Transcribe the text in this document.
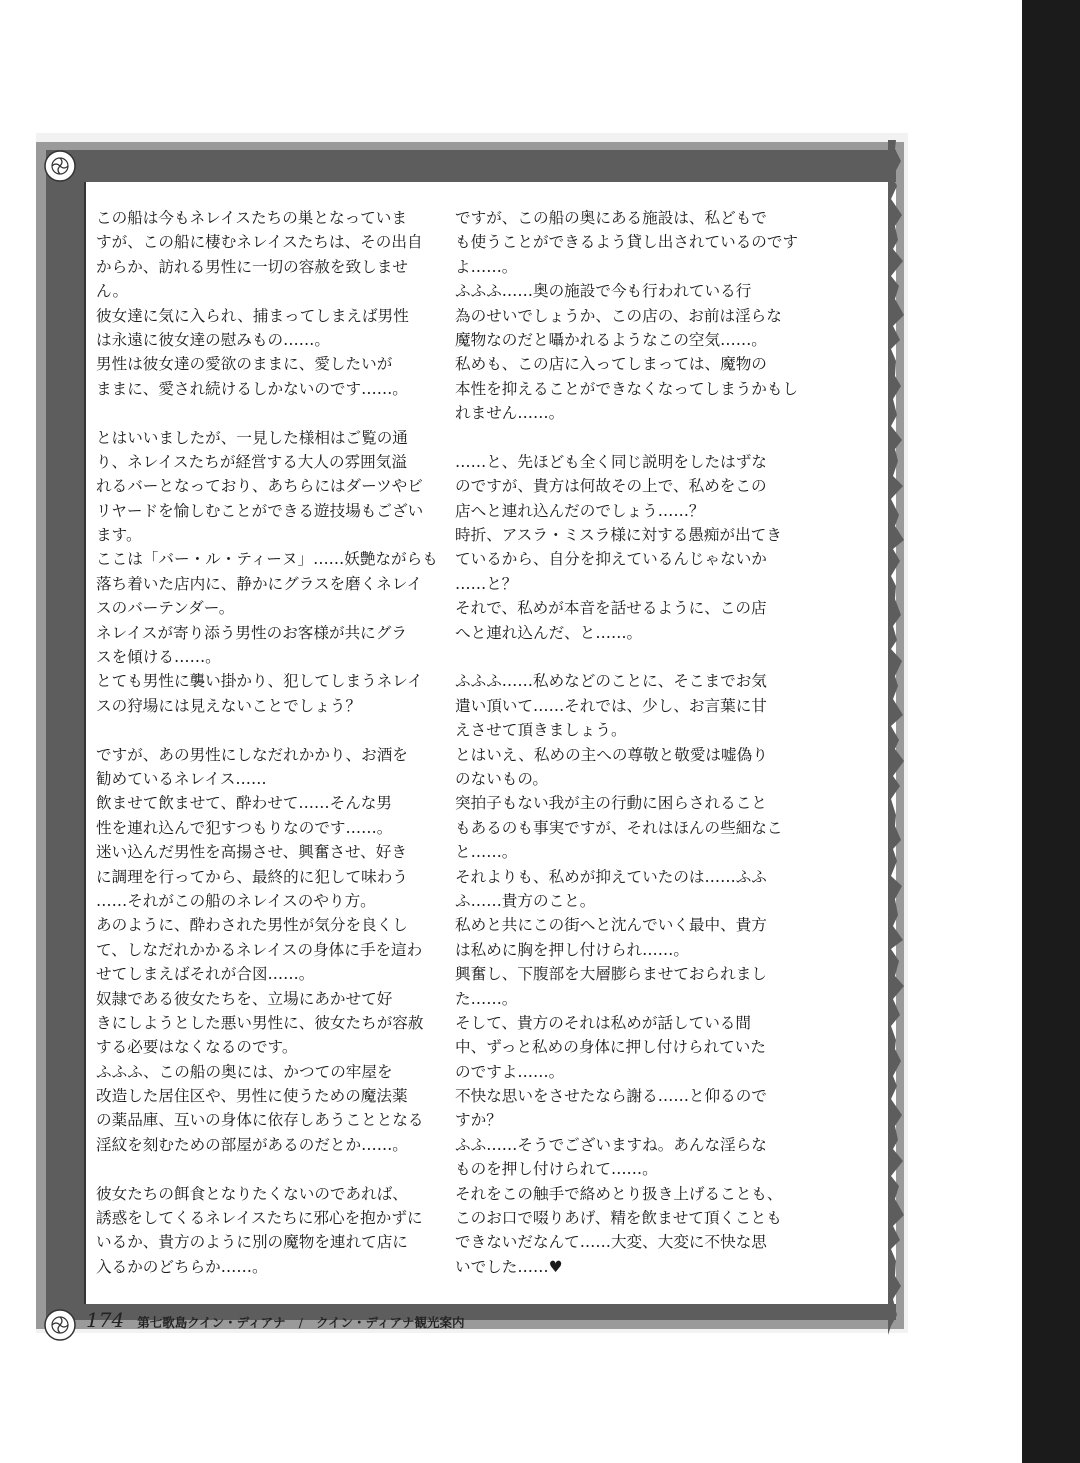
この船は今もネレイスたちの巣となっていま
すが、この船に棲むネレイスたちは、その出自
からか、訪れる男性に一切の容赦を致しませ
ん。
彼女達に気に入られ、捕まってしまえば男性
は永遠に彼女達の慰みもの……。
男性は彼女達の愛欲のままに、愛したいが
ままに、愛され続けるしかないのです……。
とはいいましたが、一見した様相はご覧の通
り、ネレイスたちが経営する大人の雰囲気溢
れるバーとなっており、あちらにはダーツやビ
リヤードを愉しむことができる遊技場もござい
ます。
ここは「バー・ル・ティーヌ」……妖艶ながらも
落ち着いた店内に、静かにグラスを磨くネレイ
スのバーテンダー。
ネレイスが寄り添う男性のお客様が共にグラ
スを傾ける……。
とても男性に襲い掛かり、犯してしまうネレイ
スの狩場には見えないことでしょう？
ですが、あの男性にしなだれかかり、お酒を
勧めているネレイス……
飲ませて飲ませて、酔わせて……そんな男
性を連れ込んで犯すつもりなのです……。
迷い込んだ男性を高揚させ、興奮させ、好き
に調理を行ってから、最終的に犯して味わう
……それがこの船のネレイスのやり方。
あのように、酔わされた男性が気分を良くし
て、しなだれかかるネレイスの身体に手を這わ
せてしまえばそれが合図……。
奴隷である彼女たちを、立場にあかせて好
きにしようとした悪い男性に、彼女たちが容赦
する必要はなくなるのです。
ふふふ、この船の奥には、かつての牢屋を
改造した居住区や、男性に使うための魔法薬
の薬品庫、互いの身体に依存しあうこととなる
淫紋を刻むための部屋があるのだとか……。
彼女たちの餌食となりたくないのであれば、
誘惑をしてくるネレイスたちに邪心を抱かずに
いるか、貴方のように別の魔物を連れて店に
入るかのどちらか……。
ですが、この船の奥にある施設は、私どもで
も使うことができるよう貸し出されているのです
よ……。
ふふふ……奥の施設で今も行われている行
為のせいでしょうか、この店の、お前は淫らな
魔物なのだと囁かれるようなこの空気……。
私めも、この店に入ってしまっては、魔物の
本性を抑えることができなくなってしまうかもし
れません……。
……と、先ほども全く同じ説明をしたはずな
のですが、貴方は何故その上で、私めをこの
店へと連れ込んだのでしょう……？
時折、アスラ・ミスラ様に対する愚痴が出てき
ているから、自分を抑えているんじゃないか
……と？
それで、私めが本音を話せるように、この店
へと連れ込んだ、と……。
ふふふ……私めなどのことに、そこまでお気
遣い頂いて……それでは、少し、お言葉に甘
えさせて頂きましょう。
とはいえ、私めの主への尊敬と敬愛は嘘偽り
のないもの。
突拍子もない我が主の行動に困らされること
もあるのも事実ですが、それはほんの些細なこ
と……。
それよりも、私めが抑えていたのは……ふふ
ふ……貴方のこと。
私めと共にこの街へと沈んでいく最中、貴方
は私めに胸を押し付けられ……。
興奮し、下腹部を大層膨らませておられまし
た……。
そして、貴方のそれは私めが話している間
中、ずっと私めの身体に押し付けられていた
のですよ……。
不快な思いをさせたなら謝る……と仰るので
すか？
ふふ……そうでございますね。あんな淫らな
ものを押し付けられて……。
それをこの触手で絡めとり扱き上げることも、
このお口で啜りあげ、精を飲ませて頂くことも
できないだなんて……大変、大変に不快な思
いでした……♥
174 第七歌島クイン・ディアナ / クイン・ディアナ観光案内
